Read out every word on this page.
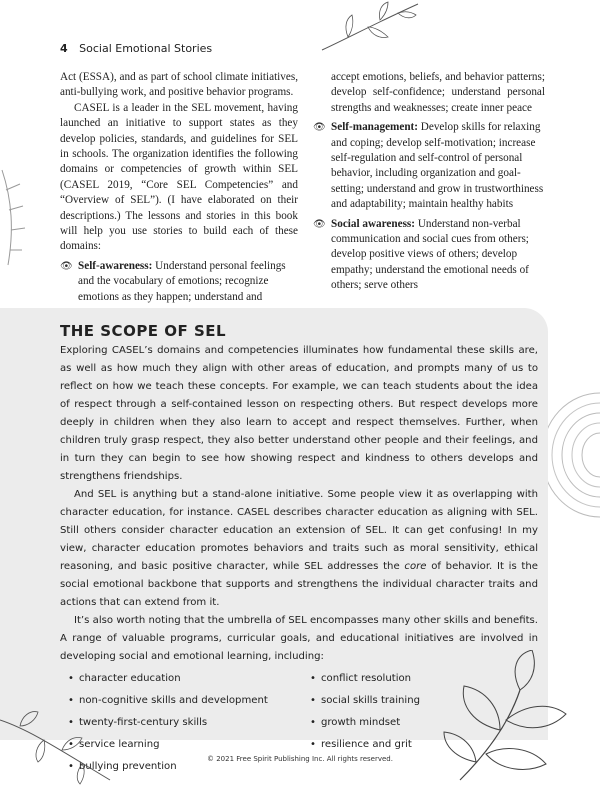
4 Social Emotional Stories

Act (ESSA), and as part of school climate initiatives, anti-bullying work, and positive behavior programs.

CASEL is a leader in the SEL movement, having launched an initiative to support states as they develop policies, standards, and guidelines for SEL in schools. The organization identifies the following domains or competencies of growth within SEL (CASEL 2019, “Core SEL Competencies” and “Overview of SEL”). (I have elaborated on their descriptions.) The lessons and stories in this book will help you use stories to build each of these domains:

👁 Self-awareness: Understand personal feelings and the vocabulary of emotions; recognize emotions as they happen; understand and

accept emotions, beliefs, and behavior patterns; develop self-confidence; understand personal strengths and weaknesses; create inner peace

👁 Self-management: Develop skills for relaxing and coping; develop self-motivation; increase self-regulation and self-control of personal behavior, including organization and goal-setting; understand and grow in trustworthiness and adaptability; maintain healthy habits
👁 Social awareness: Understand non-verbal communication and social cues from others; develop positive views of others; develop empathy; understand the emotional needs of others; serve others
THE SCOPE OF SEL

Exploring CASEL’s domains and competencies illuminates how fundamental these skills are, as well as how much they align with other areas of education, and prompts many of us to reflect on how we teach these concepts. For example, we can teach students about the idea of respect through a self-contained lesson on respecting others. But respect develops more deeply in children when they also learn to accept and respect themselves. Further, when children truly grasp respect, they also better understand other people and their feelings, and in turn they can begin to see how showing respect and kindness to others develops and strengthens friendships.

And SEL is anything but a stand-alone initiative. Some people view it as overlapping with character education, for instance. CASEL describes character education as aligning with SEL. Still others consider character education an extension of SEL. It can get confusing! In my view, character education promotes behaviors and traits such as moral sensitivity, ethical reasoning, and basic positive character, while SEL addresses the core of behavior. It is the social emotional backbone that supports and strengthens the individual character traits and actions that can extend from it.

It’s also worth noting that the umbrella of SEL encompasses many other skills and benefits. A range of valuable programs, curricular goals, and educational initiatives are involved in developing social and emotional learning, including:

• character education
• non-cognitive skills and development
• twenty-first-century skills
• service learning
• bullying prevention
• conflict resolution
• social skills training
• growth mindset
• resilience and grit
© 2021 Free Spirit Publishing Inc. All rights reserved.
